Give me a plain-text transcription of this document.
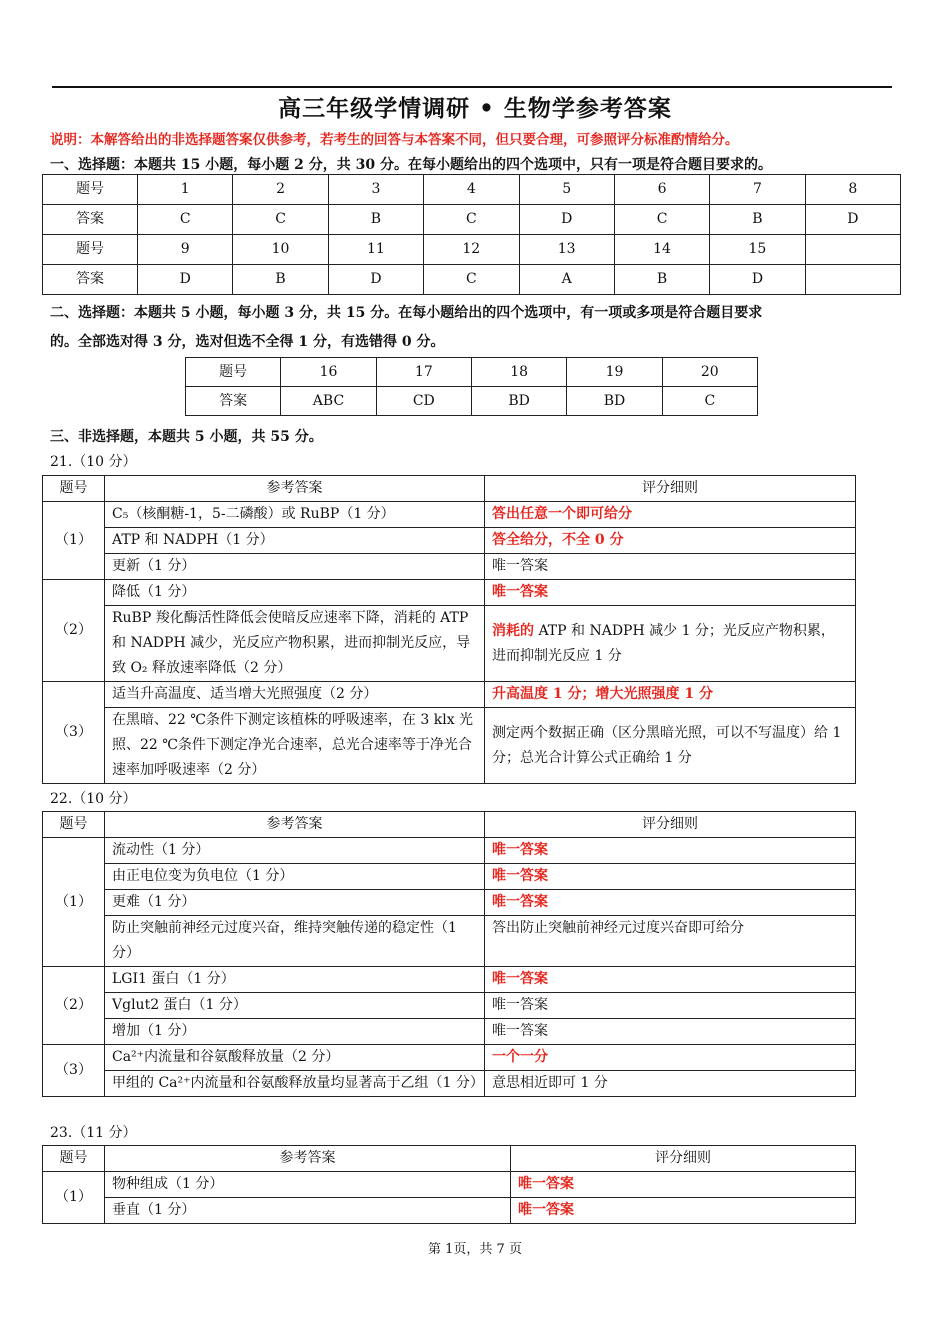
高三年级学情调研 • 生物学参考答案
说明：本解答给出的非选择题答案仅供参考，若考生的回答与本答案不同，但只要合理，可参照评分标准酌情给分。
一、选择题：本题共 15 小题，每小题 2 分，共 30 分。在每小题给出的四个选项中，只有一项是符合题目要求的。
题号	1	2	3	4	5	6	7	8
答案	C	C	B	C	D	C	B	D
题号	9	10	11	12	13	14	15	
答案	D	B	D	C	A	B	D	
二、选择题：本题共 5 小题，每小题 3 分，共 15 分。在每小题给出的四个选项中，有一项或多项是符合题目要求
的。全部选对得 3 分，选对但选不全得 1 分，有选错得 0 分。
题号	16	17	18	19	20
答案	ABC	CD	BD	BD	C
三、非选择题，本题共 5 小题，共 55 分。
21.（10 分）
题号	参考答案	评分细则
（1）	C₅（核酮糖-1，5-二磷酸）或 RuBP（1 分）	答出任意一个即可给分
	ATP 和 NADPH（1 分）	答全给分，不全 0 分
	更新（1 分）	唯一答案
（2）	降低（1 分）	唯一答案
	RuBP 羧化酶活性降低会使暗反应速率下降，消耗的 ATP 和 NADPH 减少，光反应产物积累，进而抑制光反应，导致 O₂ 释放速率降低（2 分）	消耗的 ATP 和 NADPH 减少 1 分；光反应产物积累，进而抑制光反应 1 分
（3）	适当升高温度、适当增大光照强度（2 分）	升高温度 1 分；增大光照强度 1 分
	在黑暗、22 ℃条件下测定该植株的呼吸速率，在 3 klx 光照、22 ℃条件下测定净光合速率，总光合速率等于净光合速率加呼吸速率（2 分）	测定两个数据正确（区分黑暗光照，可以不写温度）给 1 分；总光合计算公式正确给 1 分
22.（10 分）
题号	参考答案	评分细则
（1）	流动性（1 分）	唯一答案
	由正电位变为负电位（1 分）	唯一答案
	更难（1 分）	唯一答案
	防止突触前神经元过度兴奋，维持突触传递的稳定性（1 分）	答出防止突触前神经元过度兴奋即可给分
（2）	LGI1 蛋白（1 分）	唯一答案
	Vglut2 蛋白（1 分）	唯一答案
	增加（1 分）	唯一答案
（3）	Ca²⁺内流量和谷氨酸释放量（2 分）	一个一分
	甲组的 Ca²⁺内流量和谷氨酸释放量均显著高于乙组（1 分）	意思相近即可 1 分
23.（11 分）
题号	参考答案	评分细则
（1）	物种组成（1 分）	唯一答案
	垂直（1 分）	唯一答案
第 1页，共 7 页
